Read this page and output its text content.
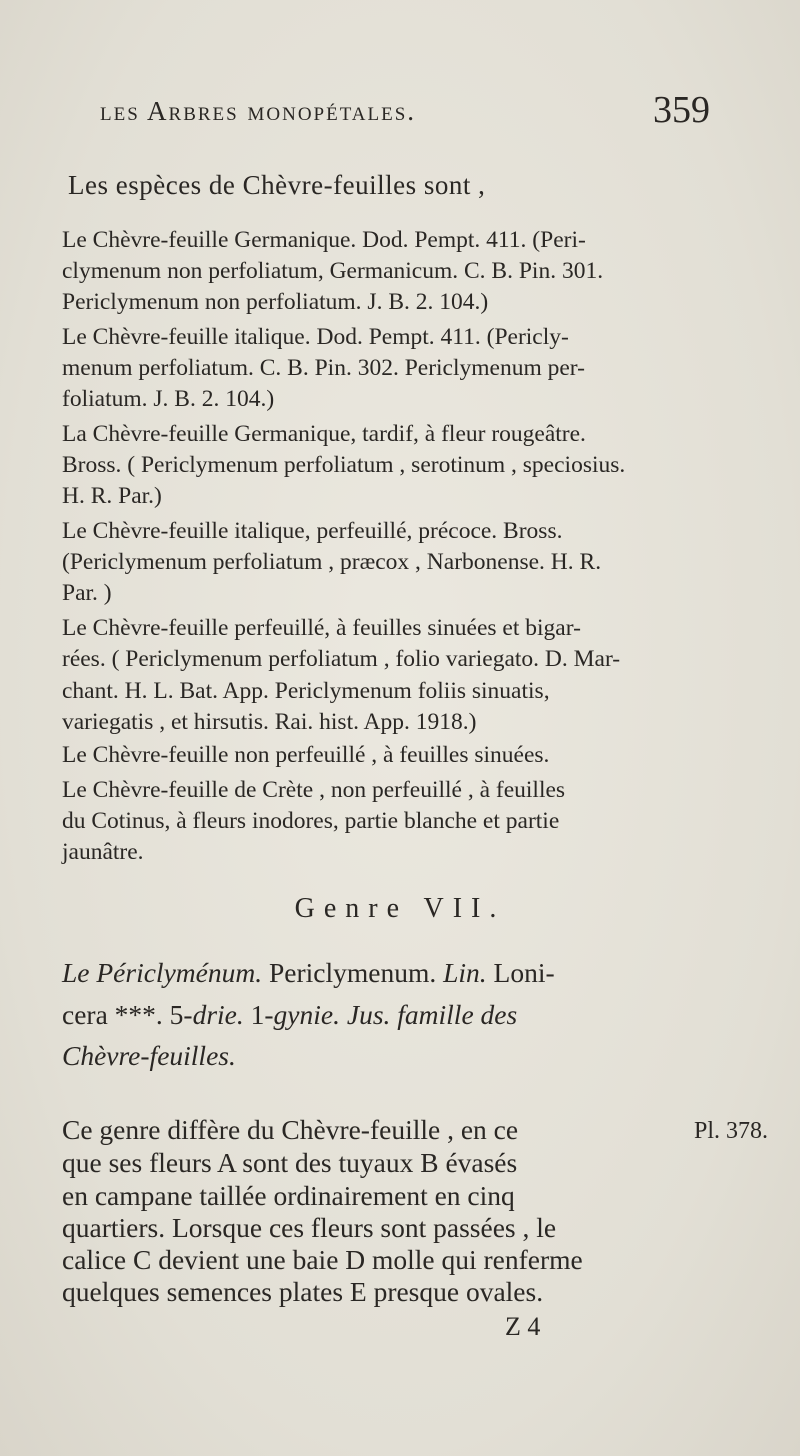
les Arbres monopétales.	359
Les espèces de Chèvre-feuilles sont ,
Le Chèvre-feuille Germanique. Dod. Pempt. 411. (Peri-
clymenum non perfoliatum, Germanicum. C. B. Pin. 301.
Periclymenum non perfoliatum. J. B. 2. 104.)
Le Chèvre-feuille italique. Dod. Pempt. 411. (Pericly-
menum perfoliatum. C. B. Pin. 302. Periclymenum per-
foliatum. J. B. 2. 104.)
La Chèvre-feuille Germanique, tardif, à fleur rougeâtre.
Bross. ( Periclymenum perfoliatum , serotinum , speciosius.
H. R. Par.)
Le Chèvre-feuille italique, perfeuillé, précoce. Bross.
(Periclymenum perfoliatum , præcox , Narbonense. H. R.
Par. )
Le Chèvre-feuille perfeuillé, à feuilles sinuées et bigar-
rées. ( Periclymenum perfoliatum , folio variegato. D. Mar-
chant. H. L. Bat. App. Periclymenum foliis sinuatis,
variegatis , et hirsutis. Rai. hist. App. 1918.)
Le Chèvre-feuille non perfeuillé , à feuilles sinuées.
Le Chèvre-feuille de Crète , non perfeuillé , à feuilles
du Cotinus, à fleurs inodores, partie blanche et partie
jaunâtre.
Genre VII.
Le Périclyménum. Periclymenum. Lin. Loni-
cera ***. 5-drie. 1-gynie. Jus. famille des
Chèvre-feuilles.
Ce genre diffère du Chèvre-feuille , en ce
que ses fleurs A sont des tuyaux B évasés
en campane taillée ordinairement en cinq
quartiers. Lorsque ces fleurs sont passées , le
calice C devient une baie D molle qui renferme
quelques semences plates E presque ovales.
Pl. 378.
Z 4
